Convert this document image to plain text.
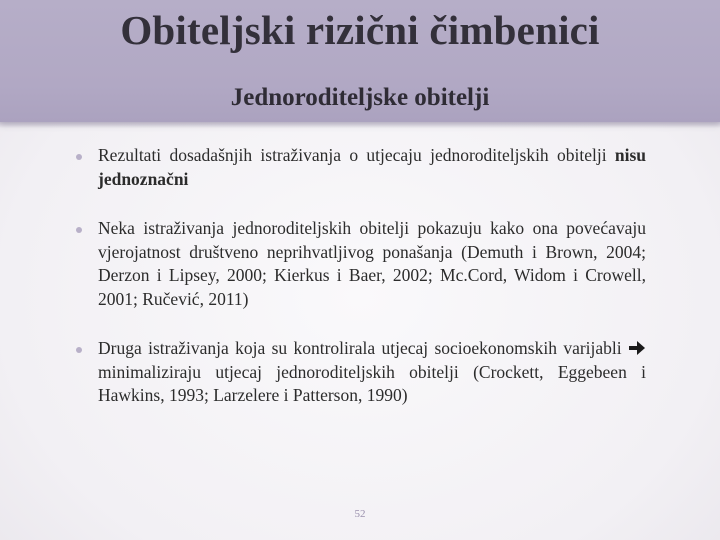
Obiteljski rizični čimbenici
Jednoroditeljske obitelji
Rezultati dosadašnjih istraživanja o utjecaju jednoroditeljskih obitelji nisu jednoznačni
Neka istraživanja jednoroditeljskih obitelji pokazuju kako ona povećavaju vjerojatnost društveno neprihvatljivog ponašanja (Demuth i Brown, 2004; Derzon i Lipsey, 2000; Kierkus i Baer, 2002; Mc.Cord, Widom i Crowell, 2001; Ručević, 2011)
Druga istraživanja koja su kontrolirala utjecaj socioekonomskih varijabli  minimaliziraju utjecaj jednoroditeljskih obitelji (Crockett, Eggebeen i Hawkins, 1993; Larzelere i Patterson, 1990)
52
